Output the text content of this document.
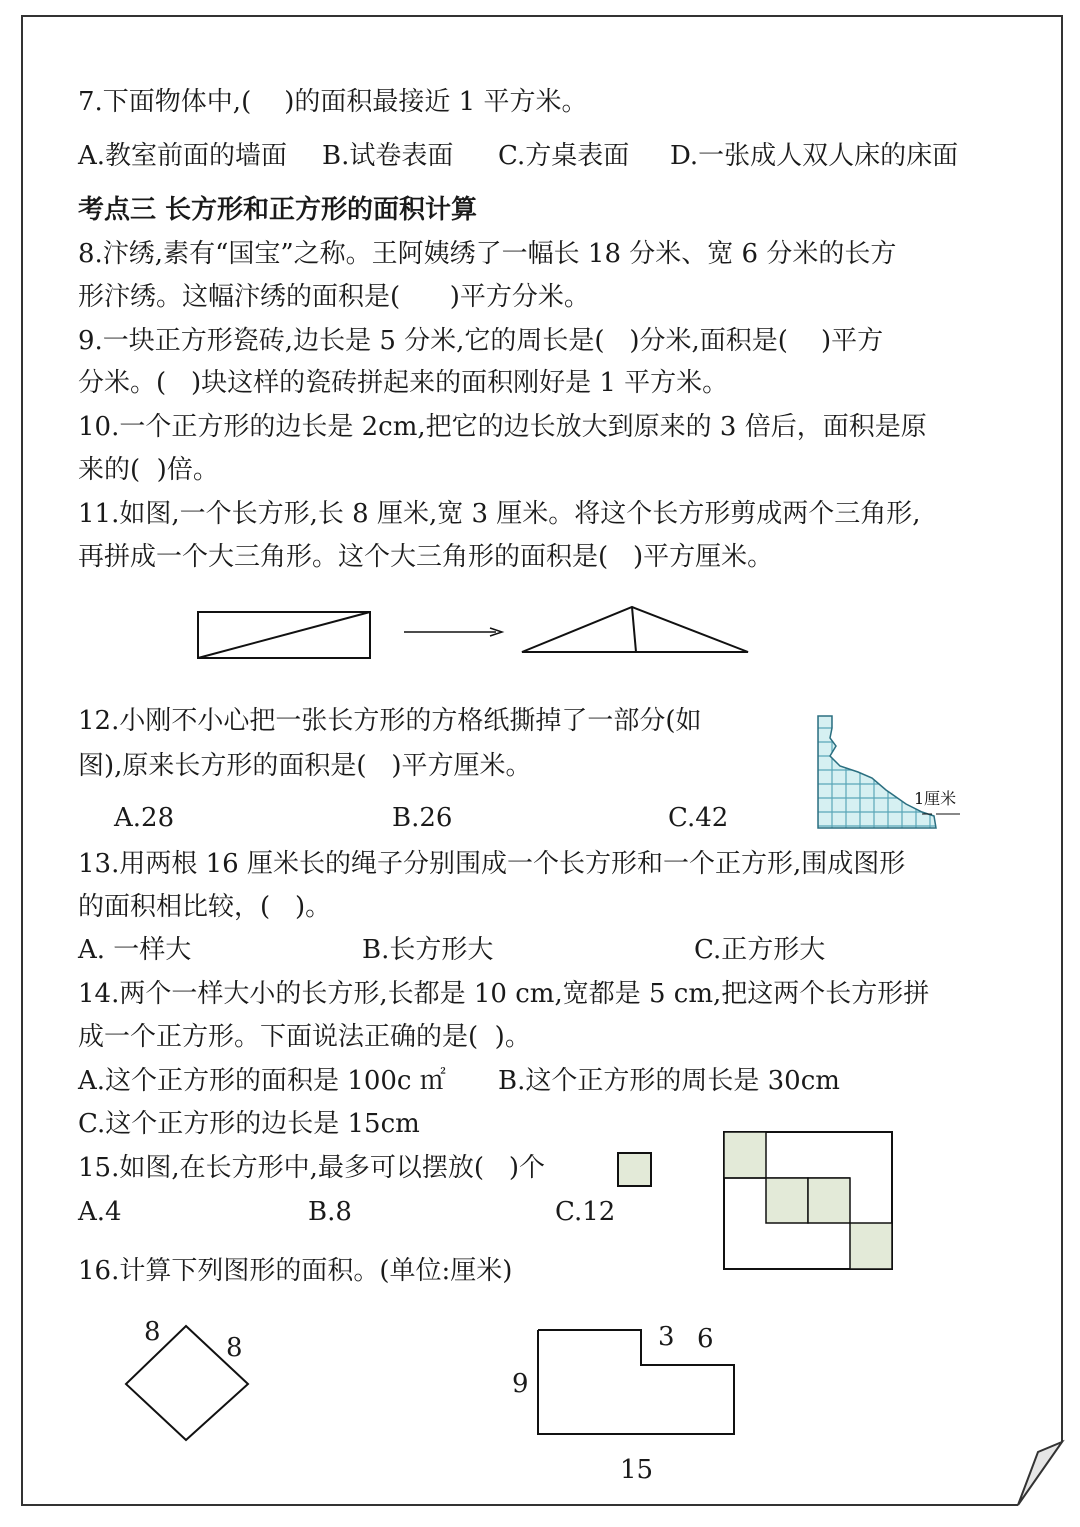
7.下面物体中,(    )的面积最接近 1 平方米。
A.教室前面的墙面 B.试卷表面 C.方桌表面 D.一张成人双人床的床面
考点三 长方形和正方形的面积计算
8.汴绣,素有“国宝”之称。王阿姨绣了一幅长 18 分米、宽 6 分米的长方
形汴绣。这幅汴绣的面积是(      )平方分米。
9.一块正方形瓷砖,边长是 5 分米,它的周长是(   )分米,面积是(    )平方
分米。(   )块这样的瓷砖拼起来的面积刚好是 1 平方米。
10.一个正方形的边长是 2cm,把它的边长放大到原来的 3 倍后，面积是原
来的(  )倍。
11.如图,一个长方形,长 8 厘米,宽 3 厘米。将这个长方形剪成两个三角形,
再拼成一个大三角形。这个大三角形的面积是(   )平方厘米。
12.小刚不小心把一张长方形的方格纸撕掉了一部分(如
图),原来长方形的面积是(   )平方厘米。
A.28	B.26	C.42
1厘米
13.用两根 16 厘米长的绳子分别围成一个长方形和一个正方形,围成图形
的面积相比较，(   )。
A. 一样大	B.长方形大	C.正方形大
14.两个一样大小的长方形,长都是 10 cm,宽都是 5 cm,把这两个长方形拼
成一个正方形。下面说法正确的是(  )。
A.这个正方形的面积是 100c ㎡ B.这个正方形的周长是 30cm
C.这个正方形的边长是 15cm
15.如图,在长方形中,最多可以摆放(   )个
A.4	B.8	C.12
16.计算下列图形的面积。(单位:厘米)
8
8	3 6
9
15
